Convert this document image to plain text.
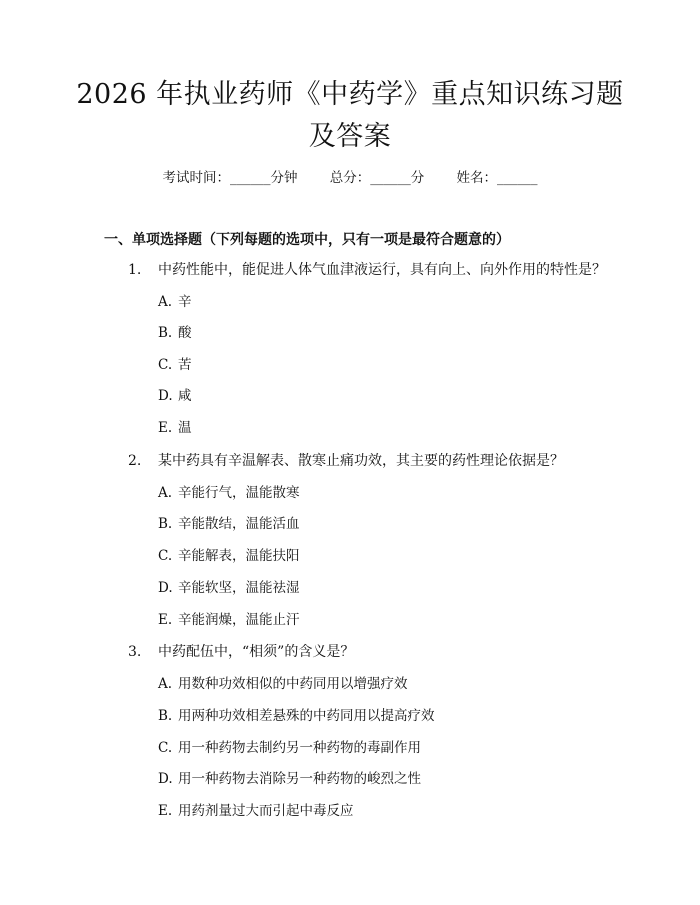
2026 年执业药师《中药学》重点知识练习题
及答案
考试时间：______分钟 总分：______分 姓名：______
一、单项选择题（下列每题的选项中，只有一项是最符合题意的）
1. 中药性能中，能促进人体气血津液运行，具有向上、向外作用的特性是？
A. 辛
B. 酸
C. 苦
D. 咸
E. 温
2. 某中药具有辛温解表、散寒止痛功效，其主要的药性理论依据是？
A. 辛能行气，温能散寒
B. 辛能散结，温能活血
C. 辛能解表，温能扶阳
D. 辛能软坚，温能祛湿
E. 辛能润燥，温能止汗
3. 中药配伍中，“相须”的含义是？
A. 用数种功效相似的中药同用以增强疗效
B. 用两种功效相差悬殊的中药同用以提高疗效
C. 用一种药物去制约另一种药物的毒副作用
D. 用一种药物去消除另一种药物的峻烈之性
E. 用药剂量过大而引起中毒反应
